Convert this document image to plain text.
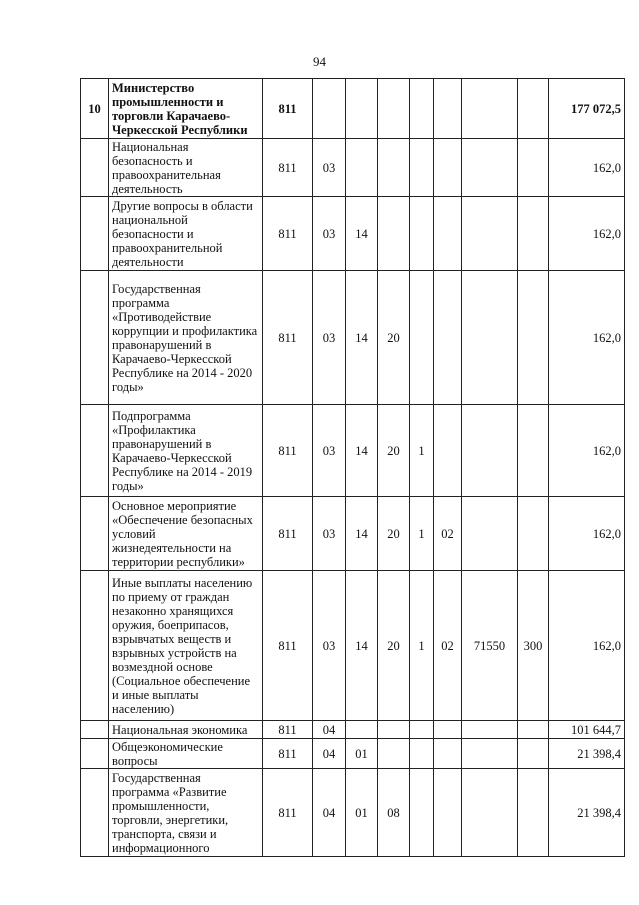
94
10	Министерство промышленности и торговли Карачаево-Черкесской Республики	811								177 072,5
	Национальная безопасность и правоохранительная деятельность	811	03							162,0
	Другие вопросы в области национальной безопасности и правоохранительной деятельности	811	03	14						162,0
	Государственная программа «Противодействие коррупции и профилактика правонарушений в Карачаево-Черкесской Республике на 2014 - 2020 годы»	811	03	14	20					162,0
	Подпрограмма «Профилактика правонарушений в Карачаево-Черкесской Республике на 2014 - 2019 годы»	811	03	14	20	1				162,0
	Основное мероприятие «Обеспечение безопасных условий жизнедеятельности на территории республики»	811	03	14	20	1	02			162,0
	Иные выплаты населению по приему от граждан незаконно хранящихся оружия, боеприпасов, взрывчатых веществ и взрывных устройств на возмездной основе (Социальное обеспечение и иные выплаты населению)	811	03	14	20	1	02	71550	300	162,0
	Национальная экономика	811	04							101 644,7
	Общеэкономические вопросы	811	04	01						21 398,4
	Государственная программа «Развитие промышленности, торговли, энергетики, транспорта, связи и информационного	811	04	01	08					21 398,4
